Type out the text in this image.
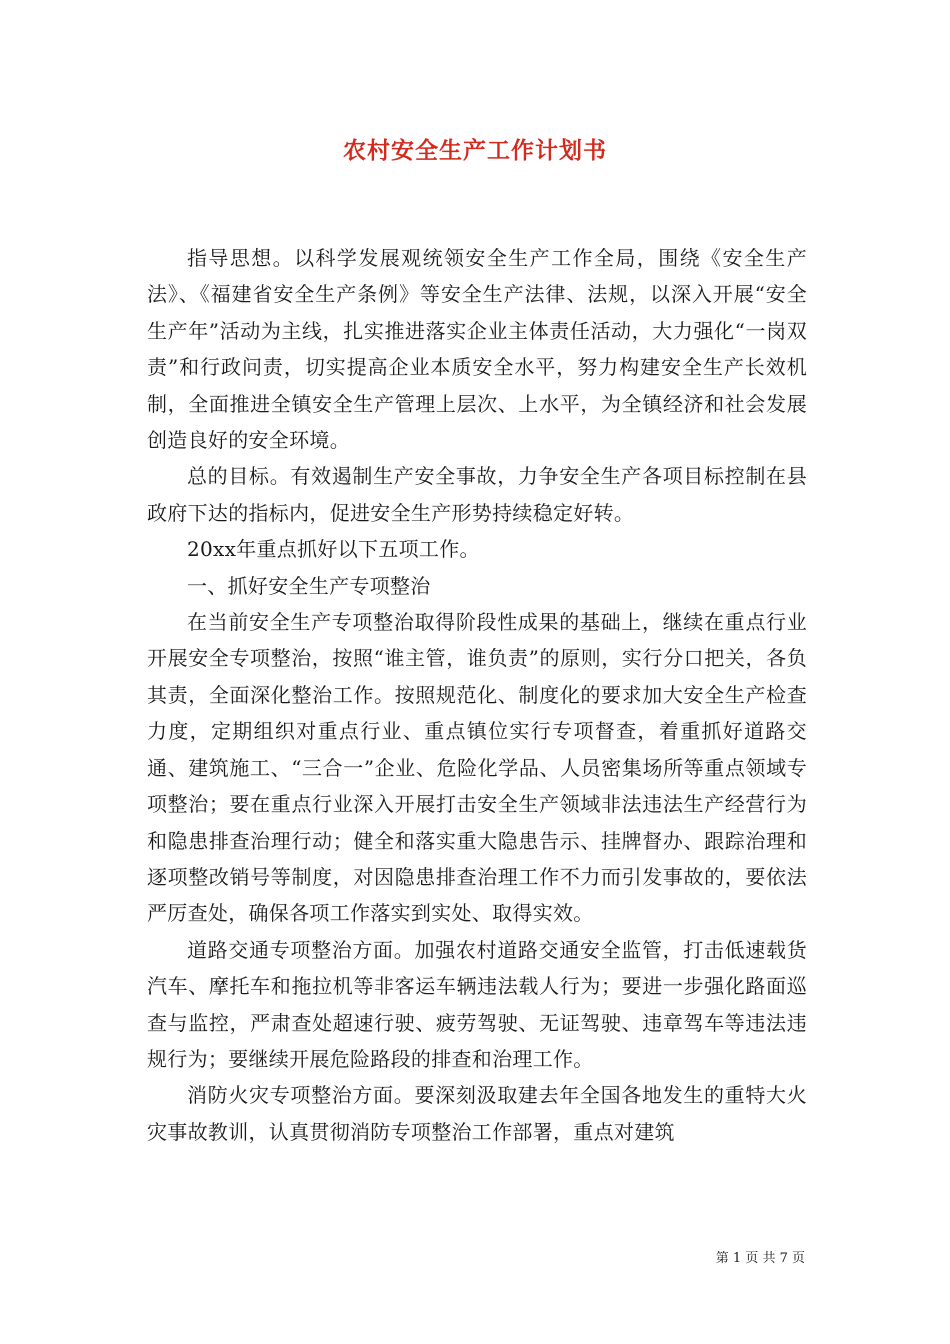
农村安全生产工作计划书

指导思想。以科学发展观统领安全生产工作全局，围绕《安全生产法》、《福建省安全生产条例》等安全生产法律、法规，以深入开展“安全生产年”活动为主线，扎实推进落实企业主体责任活动，大力强化“一岗双责”和行政问责，切实提高企业本质安全水平，努力构建安全生产长效机制，全面推进全镇安全生产管理上层次、上水平，为全镇经济和社会发展创造良好的安全环境。

总的目标。有效遏制生产安全事故，力争安全生产各项目标控制在县政府下达的指标内，促进安全生产形势持续稳定好转。

20xx年重点抓好以下五项工作。

一、抓好安全生产专项整治

在当前安全生产专项整治取得阶段性成果的基础上，继续在重点行业开展安全专项整治，按照“谁主管，谁负责”的原则，实行分口把关，各负其责，全面深化整治工作。按照规范化、制度化的要求加大安全生产检查力度，定期组织对重点行业、重点镇位实行专项督查，着重抓好道路交通、建筑施工、“三合一”企业、危险化学品、人员密集场所等重点领域专项整治；要在重点行业深入开展打击安全生产领域非法违法生产经营行为和隐患排查治理行动；健全和落实重大隐患告示、挂牌督办、跟踪治理和逐项整改销号等制度，对因隐患排查治理工作不力而引发事故的，要依法严厉查处，确保各项工作落实到实处、取得实效。

道路交通专项整治方面。加强农村道路交通安全监管，打击低速载货汽车、摩托车和拖拉机等非客运车辆违法载人行为；要进一步强化路面巡查与监控，严肃查处超速行驶、疲劳驾驶、无证驾驶、违章驾车等违法违规行为；要继续开展危险路段的排查和治理工作。

消防火灾专项整治方面。要深刻汲取建去年全国各地发生的重特大火灾事故教训，认真贯彻消防专项整治工作部署，重点对建筑

第 1 页 共 7 页
